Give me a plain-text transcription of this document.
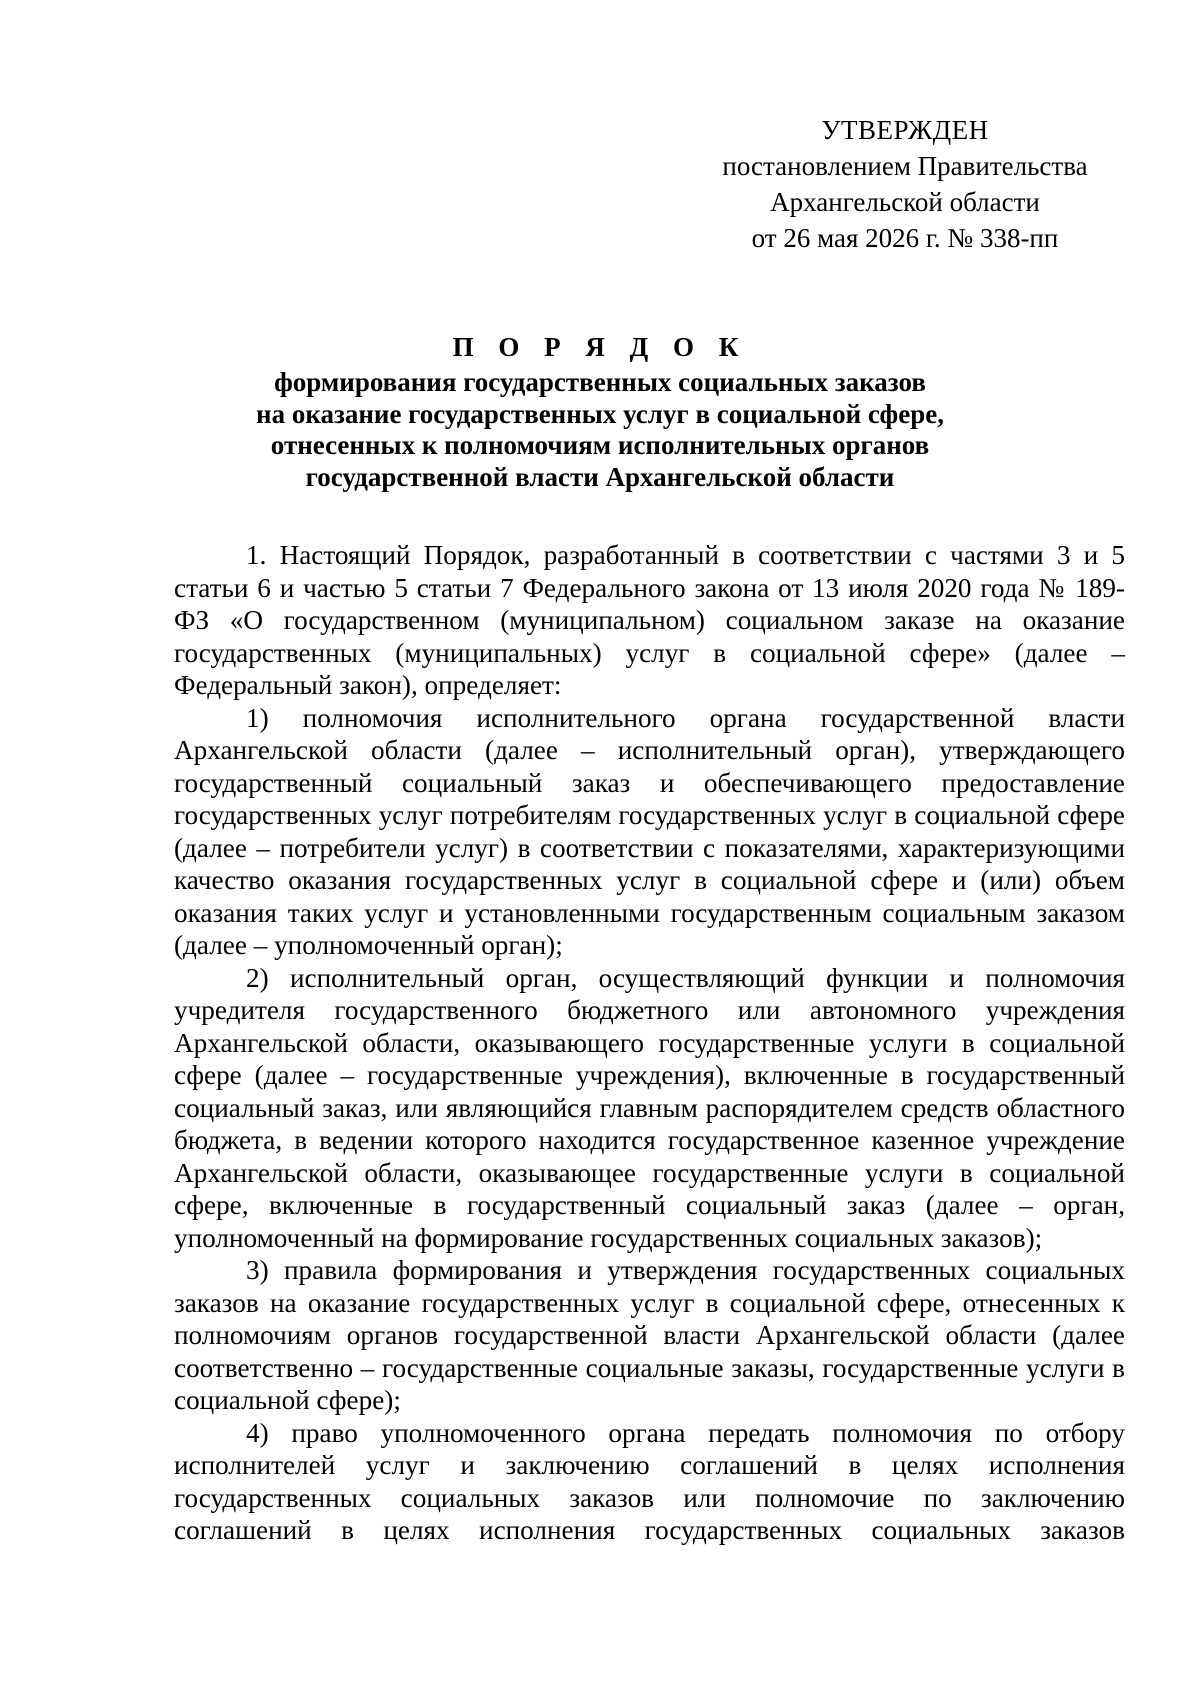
УТВЕРЖДЕН
постановлением Правительства
Архангельской области
от 26 мая 2026 г. № 338-пп
П О Р Я Д О К
формирования государственных социальных заказов
на оказание государственных услуг в социальной сфере,
отнесенных к полномочиям исполнительных органов
государственной власти Архангельской области

1. Настоящий Порядок, разработанный в соответствии с частями 3 и 5 статьи 6 и частью 5 статьи 7 Федерального закона от 13 июля 2020 года № 189-ФЗ «О государственном (муниципальном) социальном заказе на оказание государственных (муниципальных) услуг в социальной сфере» (далее – Федеральный закон), определяет:

1) полномочия исполнительного органа государственной власти Архангельской области (далее – исполнительный орган), утверждающего государственный социальный заказ и обеспечивающего предоставление государственных услуг потребителям государственных услуг в социальной сфере (далее – потребители услуг) в соответствии с показателями, характеризующими качество оказания государственных услуг в социальной сфере и (или) объем оказания таких услуг и установленными государственным социальным заказом (далее – уполномоченный орган);

2) исполнительный орган, осуществляющий функции и полномочия учредителя государственного бюджетного или автономного учреждения Архангельской области, оказывающего государственные услуги в социальной сфере (далее – государственные учреждения), включенные в государственный социальный заказ, или являющийся главным распорядителем средств областного бюджета, в ведении которого находится государственное казенное учреждение Архангельской области, оказывающее государственные услуги в социальной сфере, включенные в государственный социальный заказ (далее – орган, уполномоченный на формирование государственных социальных заказов);

3) правила формирования и утверждения государственных социальных заказов на оказание государственных услуг в социальной сфере, отнесенных к полномочиям органов государственной власти Архангельской области (далее соответственно – государственные социальные заказы, государственные услуги в социальной сфере);

4) право уполномоченного органа передать полномочия по отбору исполнителей услуг и заключению соглашений в целях исполнения государственных социальных заказов или полномочие по заключению соглашений в целях исполнения государственных социальных заказов
